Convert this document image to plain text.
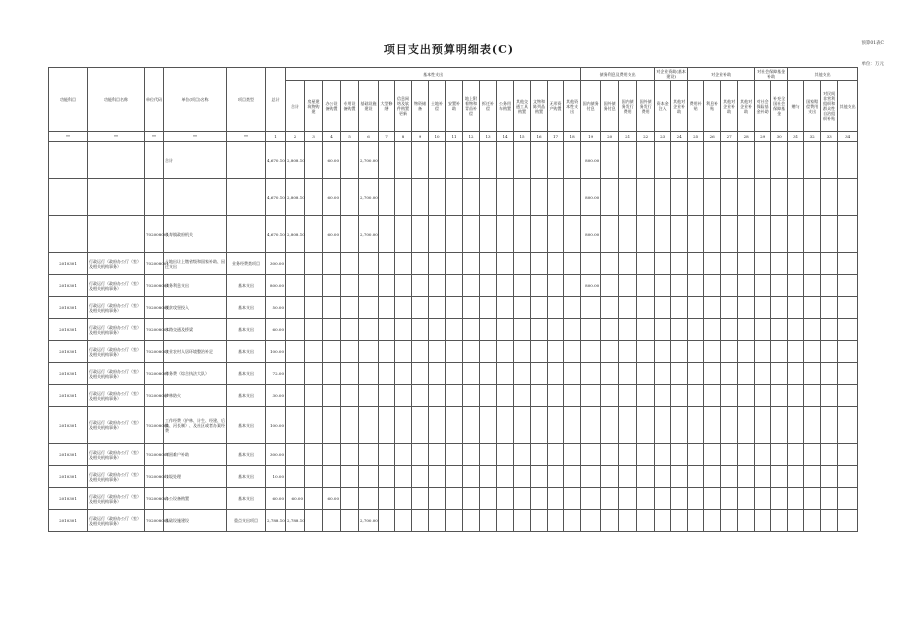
项目支出预算明细表(C)	预算01表C
单位：万元
功能科目	功能科目名称	单位代码	单位(项目)名称	项目类型	总计	基本性支出																	债务利息及费用支出				对企业资助(基本建设)		对企业补助				对社会保障基金补助		其他支出				
						合计	房屋建筑物购建	办公设备购置	专用设备购置	基础设施建设	大型修缮	信息网络及软件购置更新	物资储备	土地补偿	安置补助	地上附着物和青苗补偿	拆迁补偿	公务用车购置	其他交通工具购置	文物和陈列品购置	无形资产购置	其他资本性支出	国内债务付息	国外债务付息	国内债务发行费用	国外债务发行费用	资本金注入	其他对企业补助	费用补贴	利息补贴	其他对企业补助	其他对企业补助	对社会保险基金补助	补充全国社会保障基金	赠与	国家赔偿费用支出	对民间非营利组织和群众性自治组织补贴	其他支出	
**	**	**	**	**	1	2	3	4	5	6	7	8	9	10	11	12	13	14	15	16	17	18	19	20	21	22	23	24	25	26	27	28	29	30	31	32	33	34	
			合计		4,670.10	2,808.10		60.00		2,700.00													800.00																
					4,670.10	2,808.10		60.00		2,700.00													800.00																
		702008001	长寿镇政府机关		4,670.10	2,808.10		60.00		2,700.00													800.00																
2010301	行政运行（政府办公厅（室）及相关机构事务）	702008001	土地出让上缴省级和国家补助、因过支出	业务经费类项目	300.00																																		
2010301	行政运行（政府办公厅（室）及相关机构事务）	702008001	债务利息支出	基本支出	800.00																		800.00																
2010301	行政运行（政府办公厅（室）及相关机构事务）	702008001	脱贫攻坚投入	基本支出	50.00																																		
2010301	行政运行（政府办公厅（室）及相关机构事务）	702008001	水路交通及桥梁	基本支出	60.00																																		
2010301	行政运行（政府办公厅（室）及相关机构事务）	702008001	农业农村人居环境整治补足	基本支出	100.00																																		
2010301	行政运行（政府办公厅（室）及相关机构事务）	702008001	劳务费（综合执法大队）	基本支出	72.00																																		
2010301	行政运行（政府办公厅（室）及相关机构事务）	702008001	护林防火	基本支出	30.00																																		
2010301	行政运行（政府办公厅（室）及相关机构事务）	702008001	工作经费（护林、计生、经建、后勤、河长制）、及社区或者办案经费	基本支出	100.00																																		
2010301	行政运行（政府办公厅（室）及相关机构事务）	702008001	对困难户补助	基本支出	300.00																																		
2010301	行政运行（政府办公厅（室）及相关机构事务）	702008001	垃圾处理	基本支出	10.00																																		
2010301	行政运行（政府办公厅（室）及相关机构事务）	702008001	办公设备购置	基本支出	60.00	60.00		60.00																															
2010301	行政运行（政府办公厅（室）及相关机构事务）	702008001	基础设施建设	重点支出项目	2,788.10	2,788.10				2,700.00																													
